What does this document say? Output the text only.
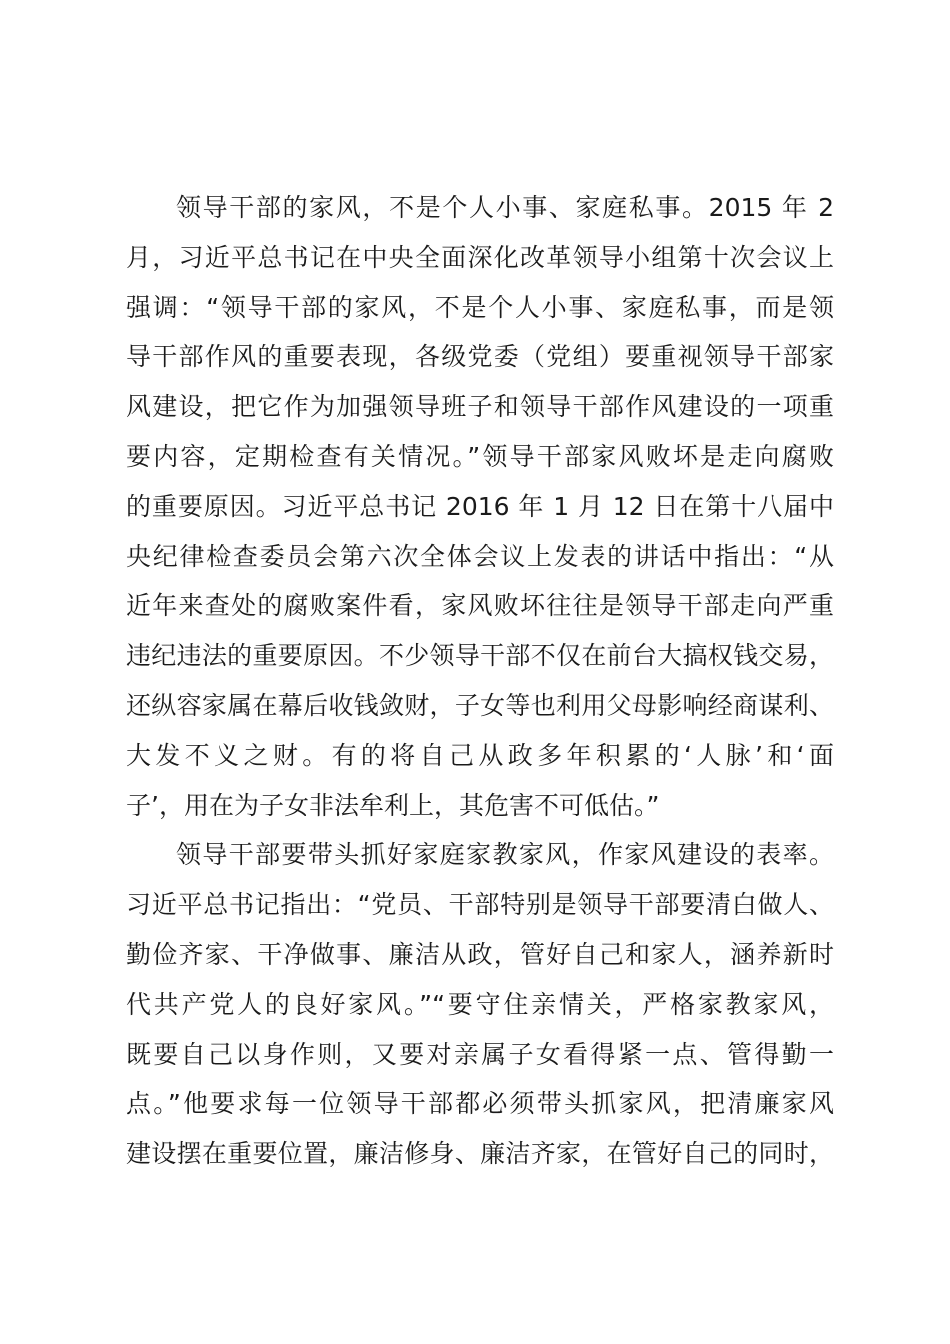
领导干部的家风，不是个人小事、家庭私事。2015 年 2
月，习近平总书记在中央全面深化改革领导小组第十次会议上
强调：“领导干部的家风，不是个人小事、家庭私事，而是领
导干部作风的重要表现，各级党委（党组）要重视领导干部家
风建设，把它作为加强领导班子和领导干部作风建设的一项重
要内容，定期检查有关情况。”领导干部家风败坏是走向腐败
的重要原因。习近平总书记 2016 年 1 月 12 日在第十八届中
央纪律检查委员会第六次全体会议上发表的讲话中指出：“从
近年来查处的腐败案件看，家风败坏往往是领导干部走向严重
违纪违法的重要原因。不少领导干部不仅在前台大搞权钱交易，
还纵容家属在幕后收钱敛财，子女等也利用父母影响经商谋利、
大发不义之财。有的将自己从政多年积累的‘人脉’和‘面
子’，用在为子女非法牟利上，其危害不可低估。”
领导干部要带头抓好家庭家教家风，作家风建设的表率。
习近平总书记指出：“党员、干部特别是领导干部要清白做人、
勤俭齐家、干净做事、廉洁从政，管好自己和家人，涵养新时
代共产党人的良好家风。”“要守住亲情关，严格家教家风，
既要自己以身作则，又要对亲属子女看得紧一点、管得勤一
点。”他要求每一位领导干部都必须带头抓家风，把清廉家风
建设摆在重要位置，廉洁修身、廉洁齐家，在管好自己的同时，
